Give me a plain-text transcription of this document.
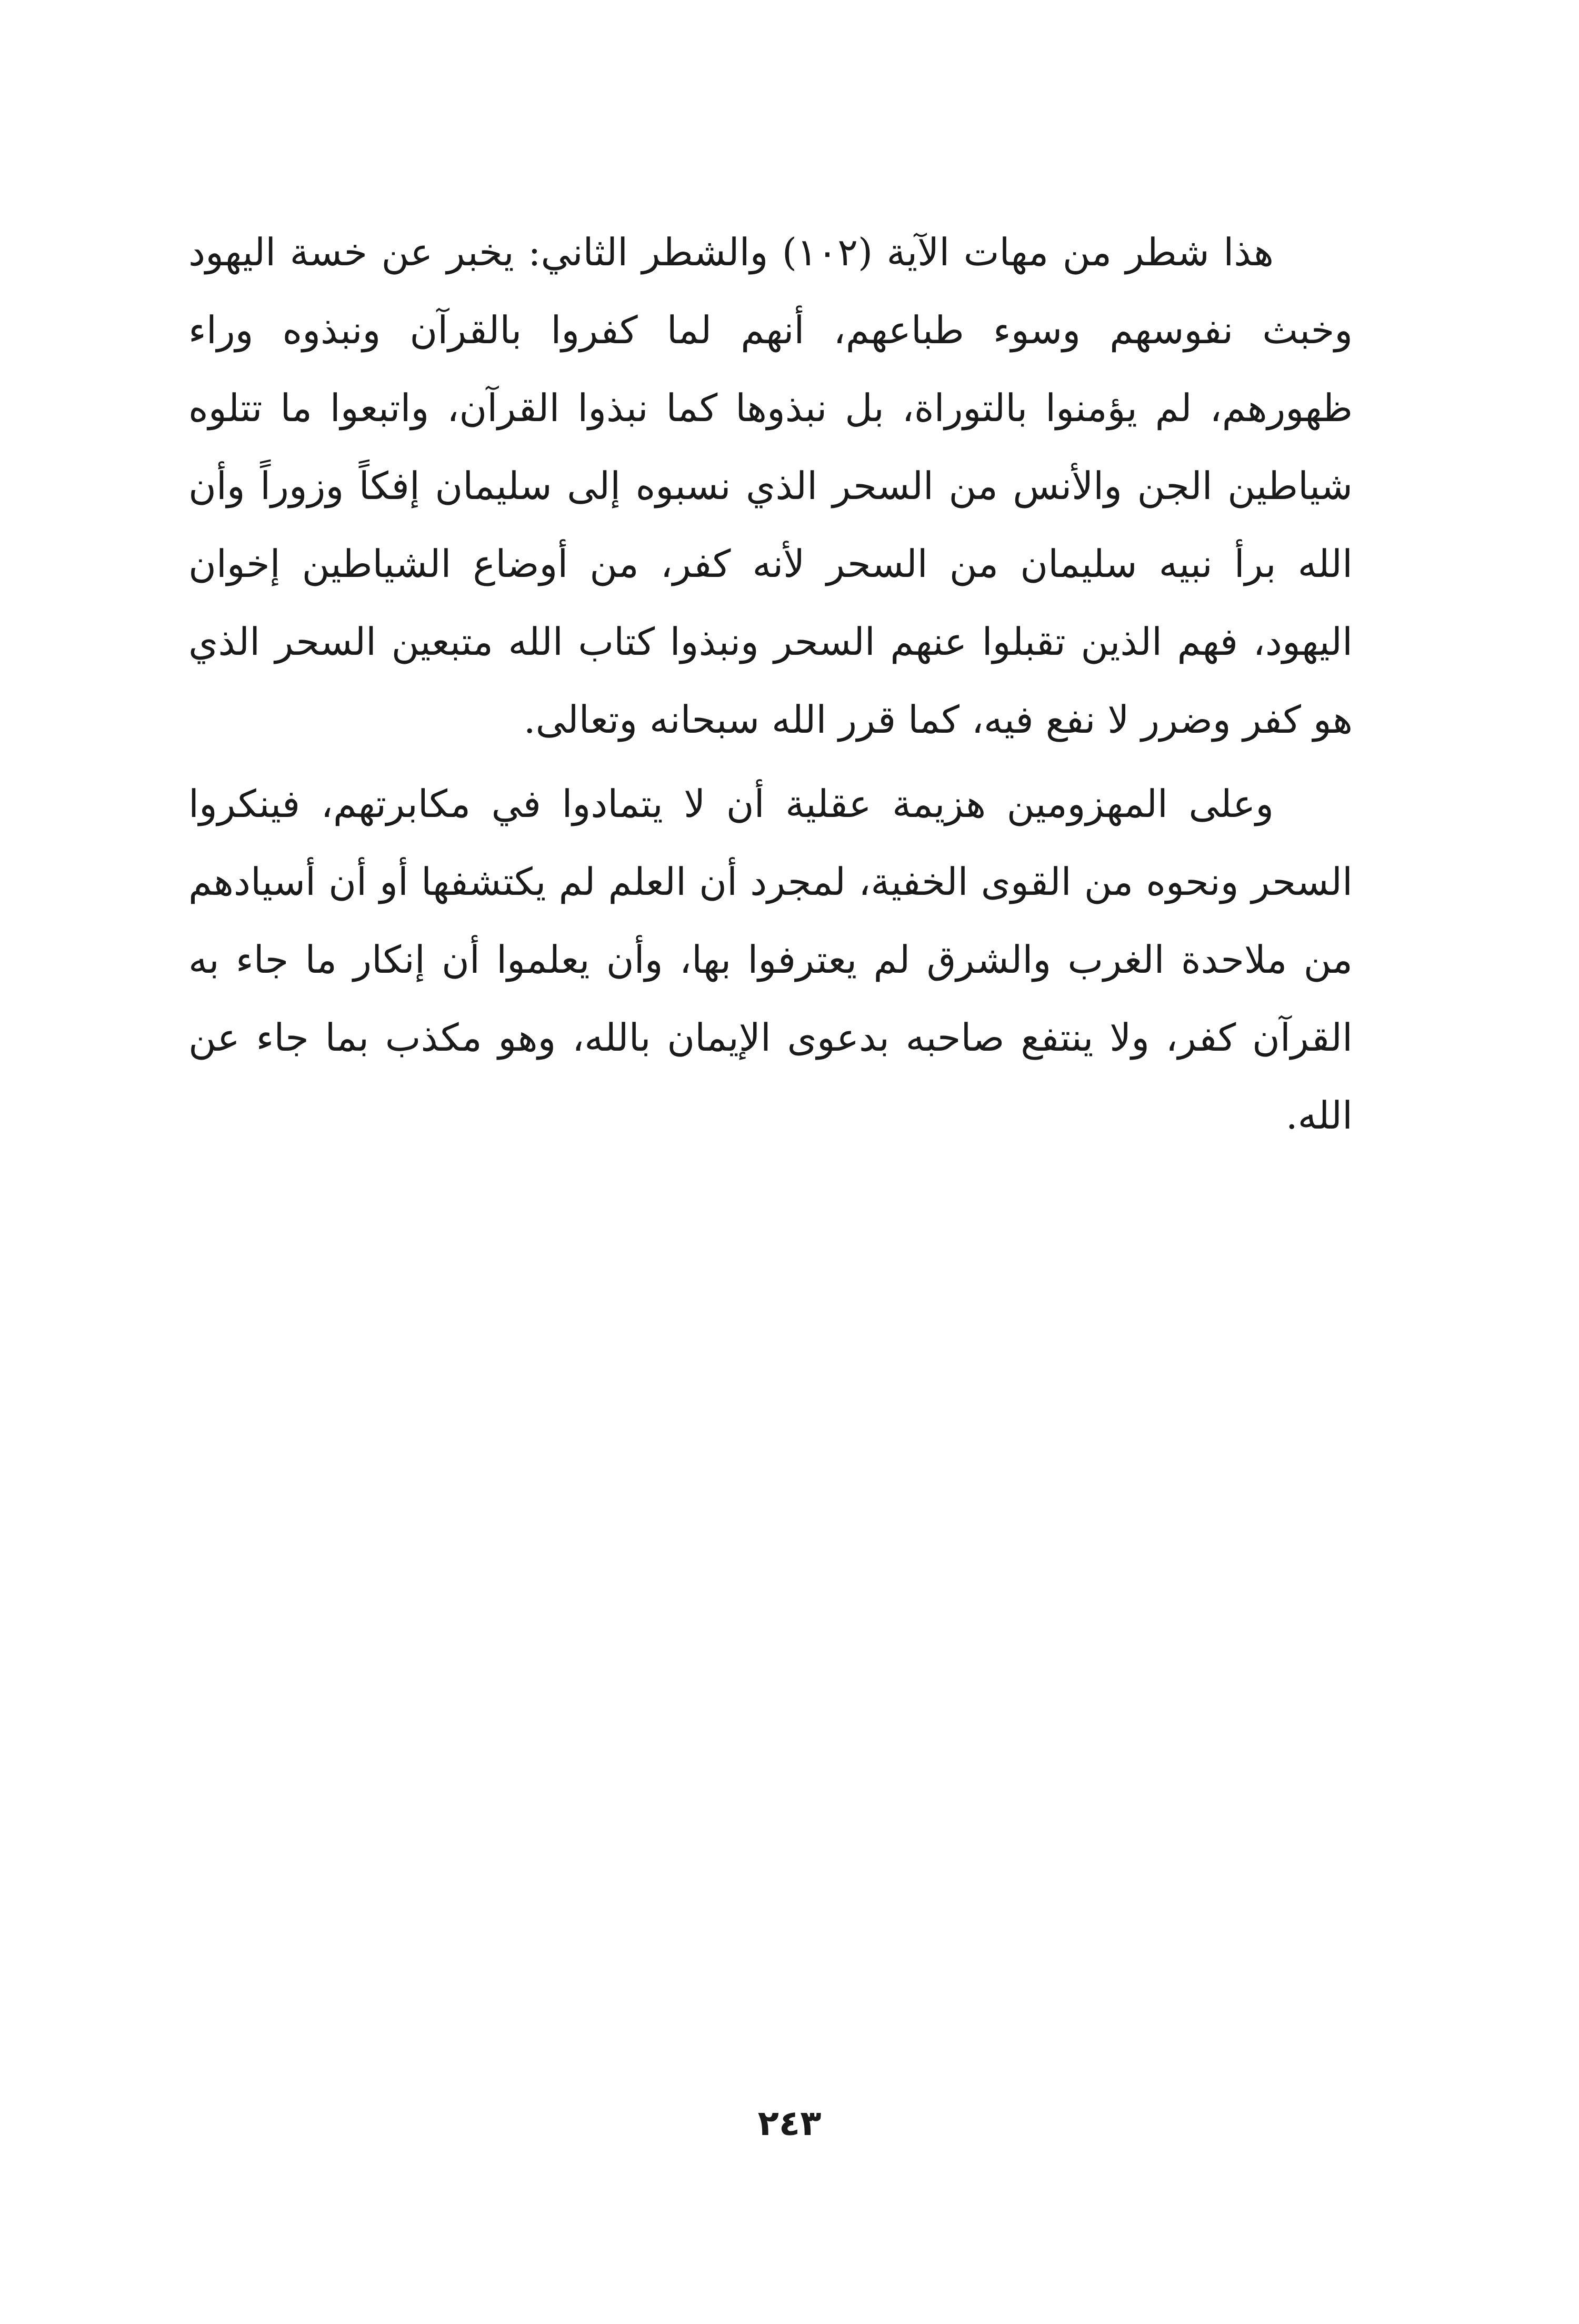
هذا شطر من مهات الآية (١٠٢) والشطر الثاني: يخبر عن خسة اليهود وخبث نفوسهم وسوء طباعهم، أنهم لما كفروا بالقرآن ونبذوه وراء ظهورهم، لم يؤمنوا بالتوراة، بل نبذوها كما نبذوا القرآن، واتبعوا ما تتلوه شياطين الجن والأنس من السحر الذي نسبوه إلى سليمان إفكاً وزوراً وأن الله برأ نبيه سليمان من السحر لأنه كفر، من أوضاع الشياطين إخوان اليهود، فهم الذين تقبلوا عنهم السحر ونبذوا كتاب الله متبعين السحر الذي هو كفر وضرر لا نفع فيه، كما قرر الله سبحانه وتعالى.

وعلى المهزومين هزيمة عقلية أن لا يتمادوا في مكابرتهم، فينكروا السحر ونحوه من القوى الخفية، لمجرد أن العلم لم يكتشفها أو أن أسيادهم من ملاحدة الغرب والشرق لم يعترفوا بها، وأن يعلموا أن إنكار ما جاء به القرآن كفر، ولا ينتفع صاحبه بدعوى الإيمان بالله، وهو مكذب بما جاء عن الله.

٢٤٣
